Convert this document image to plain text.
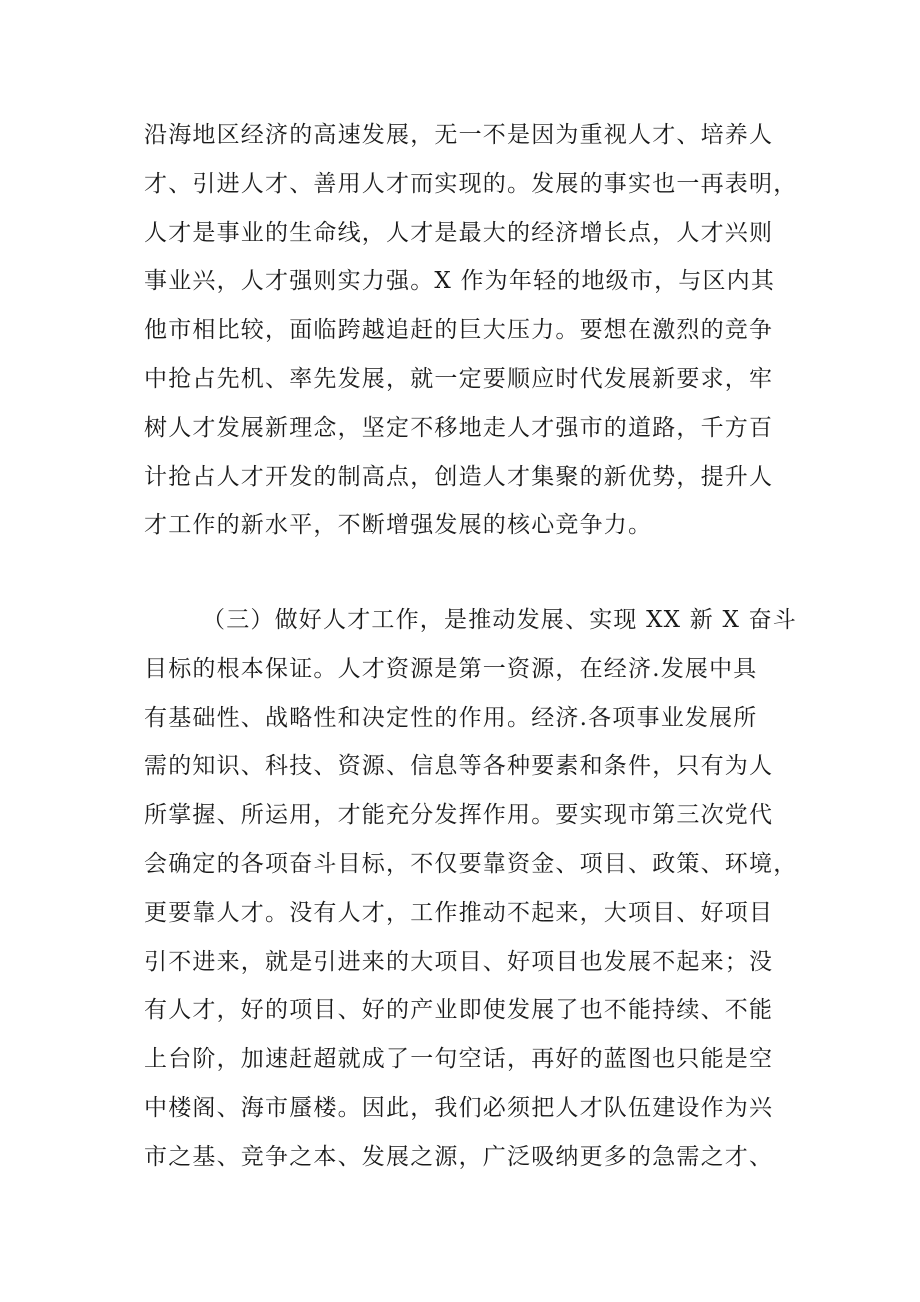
沿海地区经济的高速发展，无一不是因为重视人才、培养人
才、引进人才、善用人才而实现的。发展的事实也一再表明，
人才是事业的生命线，人才是最大的经济增长点，人才兴则
事业兴，人才强则实力强。X 作为年轻的地级市，与区内其
他市相比较，面临跨越追赶的巨大压力。要想在激烈的竞争
中抢占先机、率先发展，就一定要顺应时代发展新要求，牢
树人才发展新理念，坚定不移地走人才强市的道路，千方百
计抢占人才开发的制高点，创造人才集聚的新优势，提升人
才工作的新水平，不断增强发展的核心竞争力。
（三）做好人才工作，是推动发展、实现 XX 新 X 奋斗
目标的根本保证。人才资源是第一资源，在经济.发展中具
有基础性、战略性和决定性的作用。经济.各项事业发展所
需的知识、科技、资源、信息等各种要素和条件，只有为人
所掌握、所运用，才能充分发挥作用。要实现市第三次党代
会确定的各项奋斗目标，不仅要靠资金、项目、政策、环境，
更要靠人才。没有人才，工作推动不起来，大项目、好项目
引不进来，就是引进来的大项目、好项目也发展不起来；没
有人才，好的项目、好的产业即使发展了也不能持续、不能
上台阶，加速赶超就成了一句空话，再好的蓝图也只能是空
中楼阁、海市蜃楼。因此，我们必须把人才队伍建设作为兴
市之基、竞争之本、发展之源，广泛吸纳更多的急需之才、
